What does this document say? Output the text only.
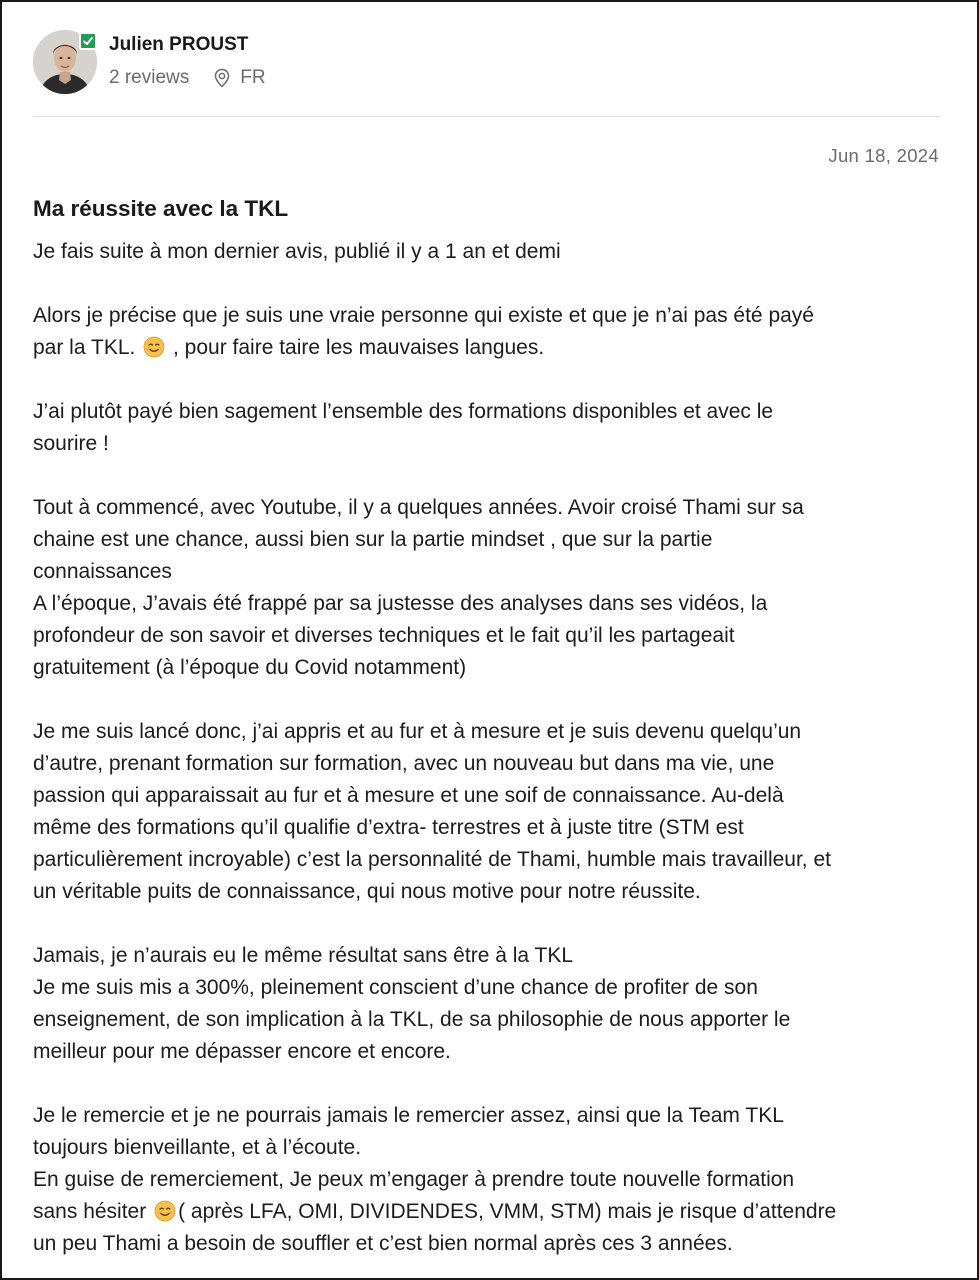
Julien PROUST
2 reviews	FR
Jun 18, 2024
Ma réussite avec la TKL
Je fais suite à mon dernier avis, publié il y a 1 an et demi
Alors je précise que je suis une vraie personne qui existe et que je n’ai pas été payé
par la TKL.  , pour faire taire les mauvaises langues.
J’ai plutôt payé bien sagement l’ensemble des formations disponibles et avec le
sourire !
Tout à commencé, avec Youtube, il y a quelques années. Avoir croisé Thami sur sa
chaine est une chance, aussi bien sur la partie mindset , que sur la partie
connaissances
A l’époque, J’avais été frappé par sa justesse des analyses dans ses vidéos, la
profondeur de son savoir et diverses techniques et le fait qu’il les partageait
gratuitement (à l’époque du Covid notamment)
Je me suis lancé donc, j’ai appris et au fur et à mesure et je suis devenu quelqu’un
d’autre, prenant formation sur formation, avec un nouveau but dans ma vie, une
passion qui apparaissait au fur et à mesure et une soif de connaissance. Au-delà
même des formations qu’il qualifie d’extra- terrestres et à juste titre (STM est
particulièrement incroyable) c’est la personnalité de Thami, humble mais travailleur, et
un véritable puits de connaissance, qui nous motive pour notre réussite.
Jamais, je n’aurais eu le même résultat sans être à la TKL
Je me suis mis a 300%, pleinement conscient d’une chance de profiter de son
enseignement, de son implication à la TKL, de sa philosophie de nous apporter le
meilleur pour me dépasser encore et encore.
Je le remercie et je ne pourrais jamais le remercier assez, ainsi que la Team TKL
toujours bienveillante, et à l’écoute.
En guise de remerciement, Je peux m’engager à prendre toute nouvelle formation
sans hésiter ( après LFA, OMI, DIVIDENDES, VMM, STM) mais je risque d’attendre
un peu Thami a besoin de souffler et c’est bien normal après ces 3 années.
